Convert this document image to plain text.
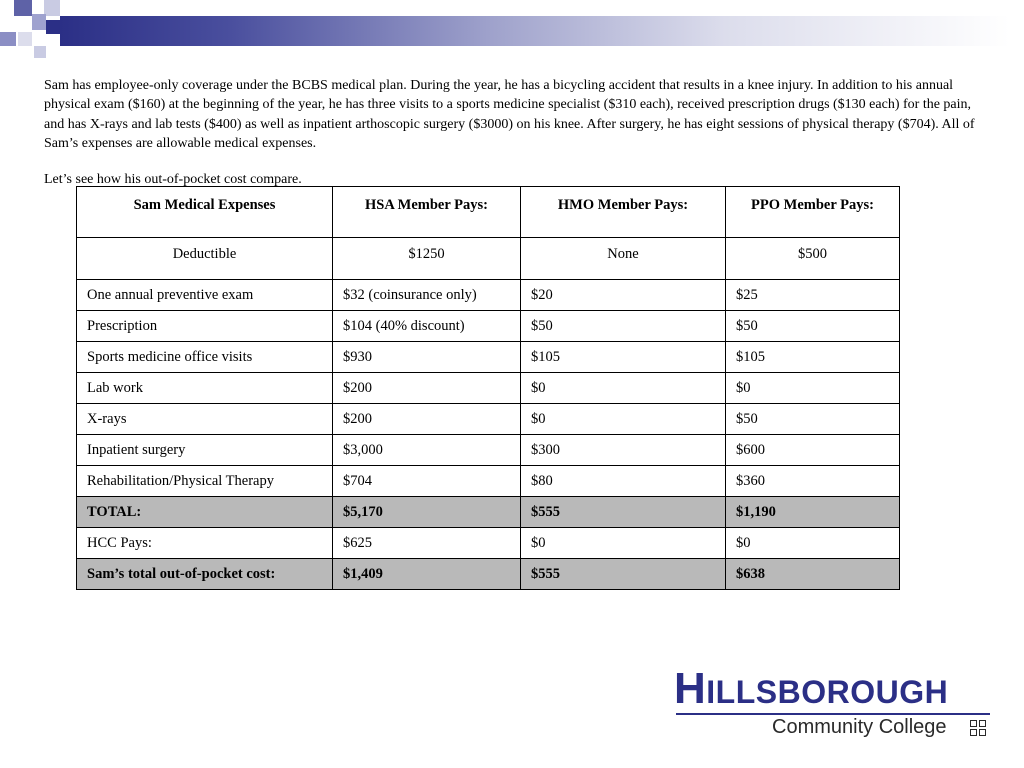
Sam has employee-only coverage under the BCBS medical plan. During the year, he has a bicycling accident that results in a knee injury. In addition to his annual physical exam ($160) at the beginning of the year, he has three visits to a sports medicine specialist ($310 each), received prescription drugs ($130 each) for the pain, and has X-rays and lab tests ($400) as well as inpatient arthoscopic surgery ($3000) on his knee. After surgery, he has eight sessions of physical therapy ($704). All of Sam’s expenses are allowable medical expenses.

Let’s see how his out-of-pocket cost compare.

Sam Medical Expenses	HSA Member Pays:	HMO Member Pays:	PPO Member Pays:
Deductible	$1250	None	$500
One annual preventive exam	$32 (coinsurance only)	$20	$25
Prescription	$104 (40% discount)	$50	$50
Sports medicine office visits	$930	$105	$105
Lab work	$200	$0	$0
X-rays	$200	$0	$50
Inpatient surgery	$3,000	$300	$600
Rehabilitation/Physical Therapy	$704	$80	$360
TOTAL:	$5,170	$555	$1,190
HCC Pays:	$625	$0	$0
Sam’s total out-of-pocket cost:	$1,409	$555	$638
HILLSBOROUGH
Community College
